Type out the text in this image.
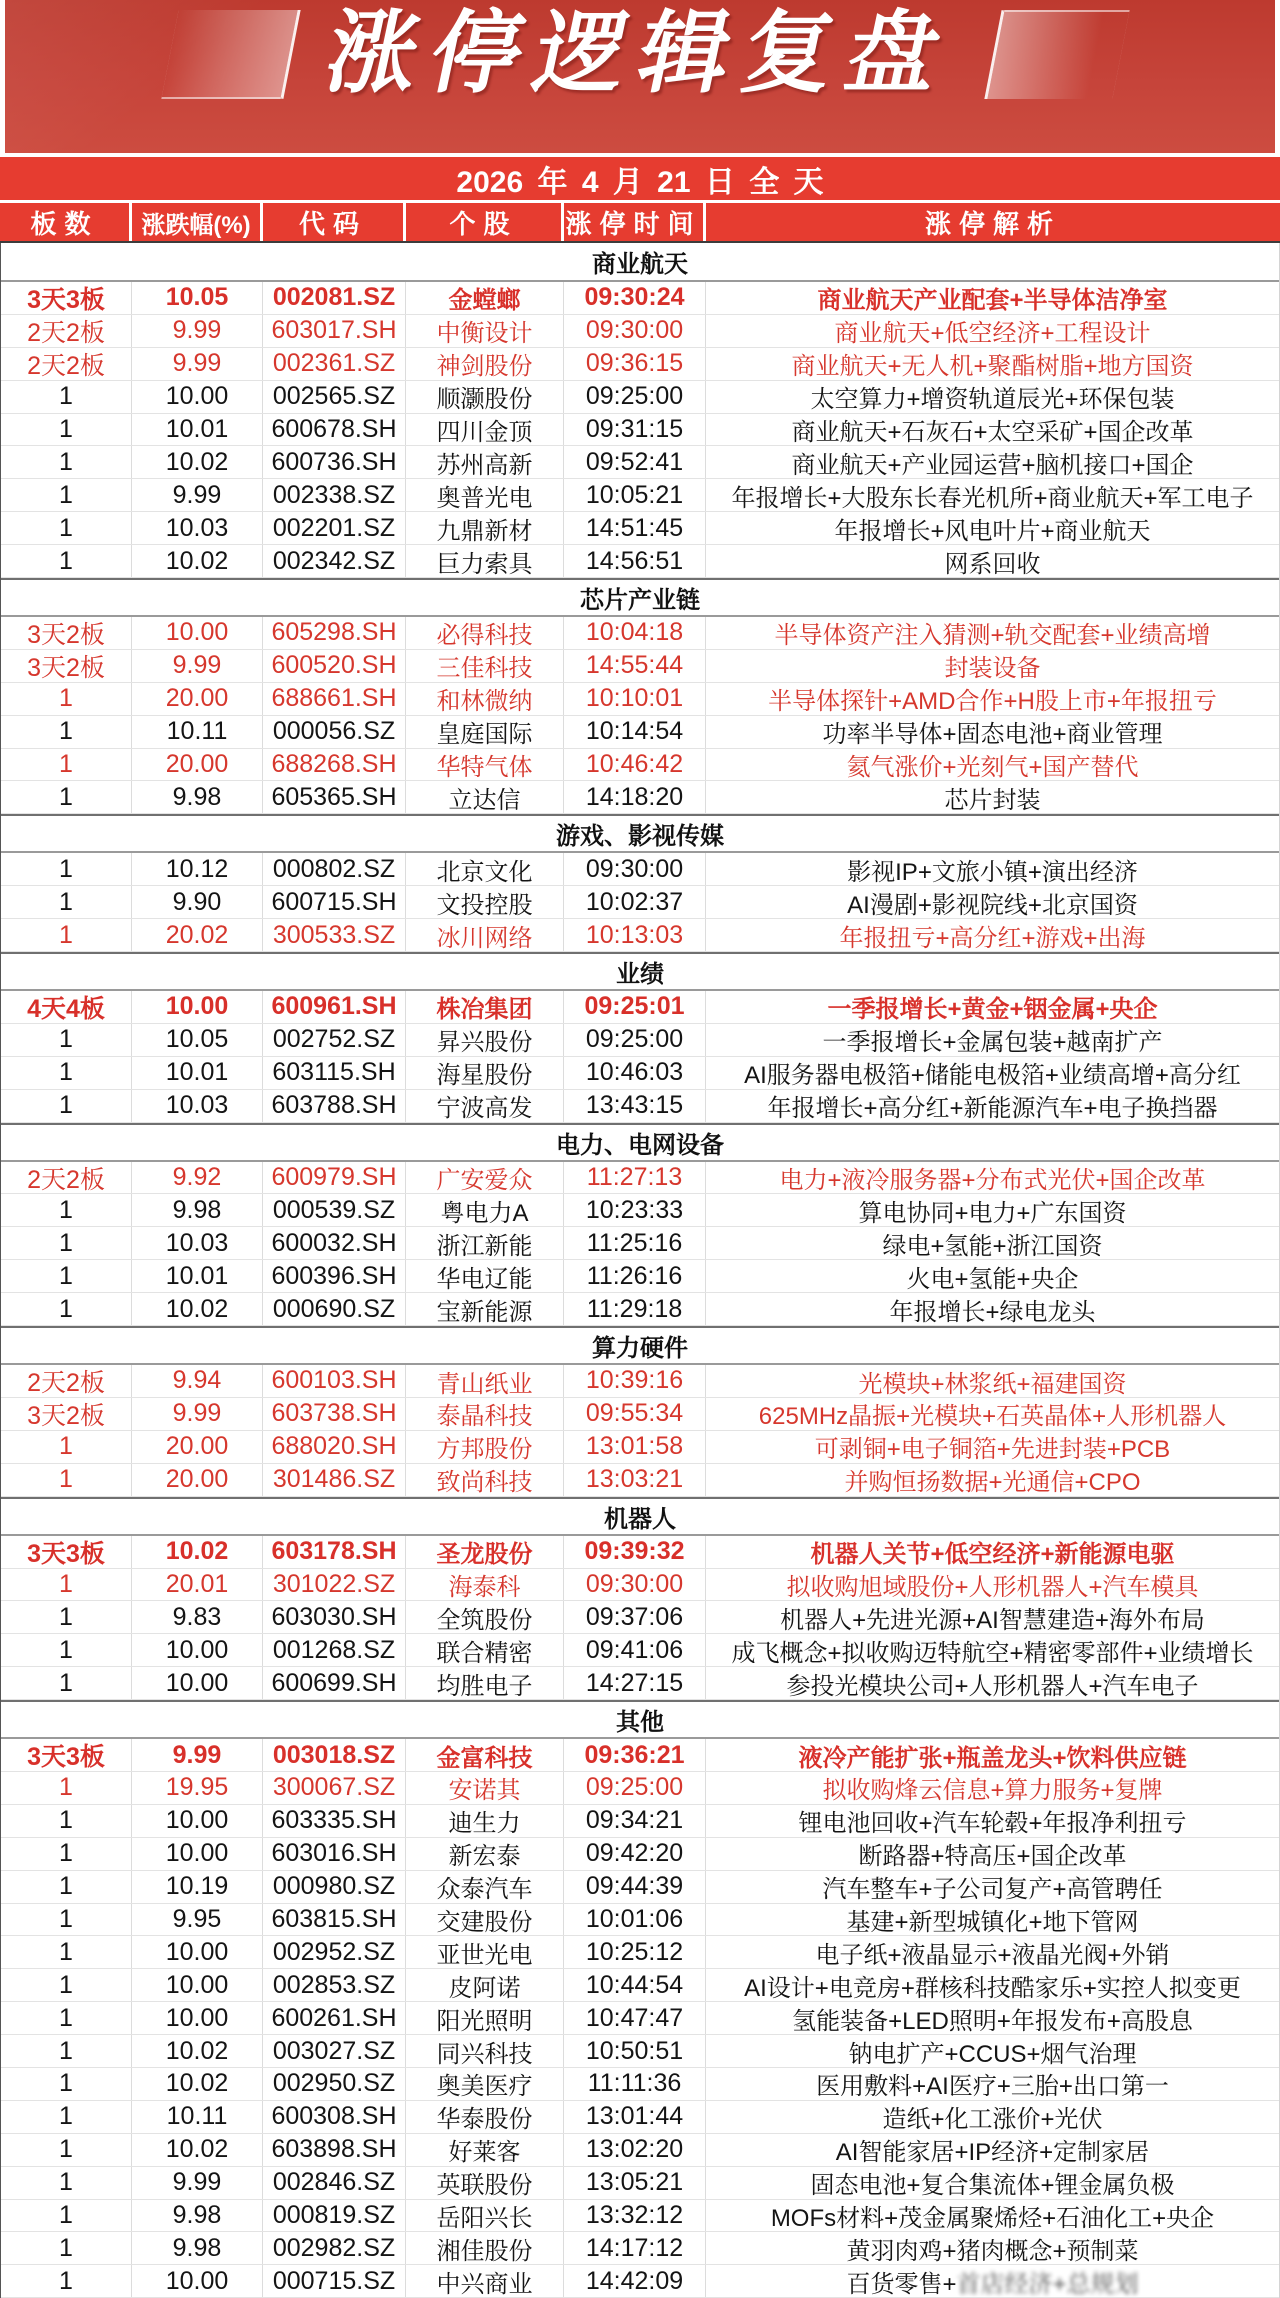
涨停逻辑复盘
2026 年 4 月 21 日 全 天
板数	涨跌幅(%)	代码	个股	涨停时间	涨停解析
商业航天
3天3板	10.05	002081.SZ	金螳螂	09:30:24	商业航天产业配套+半导体洁净室
2天2板	9.99	603017.SH	中衡设计	09:30:00	商业航天+低空经济+工程设计
2天2板	9.99	002361.SZ	神剑股份	09:36:15	商业航天+无人机+聚酯树脂+地方国资
1	10.00	002565.SZ	顺灏股份	09:25:00	太空算力+增资轨道辰光+环保包装
1	10.01	600678.SH	四川金顶	09:31:15	商业航天+石灰石+太空采矿+国企改革
1	10.02	600736.SH	苏州高新	09:52:41	商业航天+产业园运营+脑机接口+国企
1	9.99	002338.SZ	奥普光电	10:05:21	年报增长+大股东长春光机所+商业航天+军工电子
1	10.03	002201.SZ	九鼎新材	14:51:45	年报增长+风电叶片+商业航天
1	10.02	002342.SZ	巨力索具	14:56:51	网系回收
芯片产业链
3天2板	10.00	605298.SH	必得科技	10:04:18	半导体资产注入猜测+轨交配套+业绩高增
3天2板	9.99	600520.SH	三佳科技	14:55:44	封装设备
1	20.00	688661.SH	和林微纳	10:10:01	半导体探针+AMD合作+H股上市+年报扭亏
1	10.11	000056.SZ	皇庭国际	10:14:54	功率半导体+固态电池+商业管理
1	20.00	688268.SH	华特气体	10:46:42	氦气涨价+光刻气+国产替代
1	9.98	605365.SH	立达信	14:18:20	芯片封装
游戏、影视传媒
1	10.12	000802.SZ	北京文化	09:30:00	影视IP+文旅小镇+演出经济
1	9.90	600715.SH	文投控股	10:02:37	AI漫剧+影视院线+北京国资
1	20.02	300533.SZ	冰川网络	10:13:03	年报扭亏+高分红+游戏+出海
业绩
4天4板	10.00	600961.SH	株冶集团	09:25:01	一季报增长+黄金+铟金属+央企
1	10.05	002752.SZ	昇兴股份	09:25:00	一季报增长+金属包装+越南扩产
1	10.01	603115.SH	海星股份	10:46:03	AI服务器电极箔+储能电极箔+业绩高增+高分红
1	10.03	603788.SH	宁波高发	13:43:15	年报增长+高分红+新能源汽车+电子换挡器
电力、电网设备
2天2板	9.92	600979.SH	广安爱众	11:27:13	电力+液冷服务器+分布式光伏+国企改革
1	9.98	000539.SZ	粤电力A	10:23:33	算电协同+电力+广东国资
1	10.03	600032.SH	浙江新能	11:25:16	绿电+氢能+浙江国资
1	10.01	600396.SH	华电辽能	11:26:16	火电+氢能+央企
1	10.02	000690.SZ	宝新能源	11:29:18	年报增长+绿电龙头
算力硬件
2天2板	9.94	600103.SH	青山纸业	10:39:16	光模块+林浆纸+福建国资
3天2板	9.99	603738.SH	泰晶科技	09:55:34	625MHz晶振+光模块+石英晶体+人形机器人
1	20.00	688020.SH	方邦股份	13:01:58	可剥铜+电子铜箔+先进封装+PCB
1	20.00	301486.SZ	致尚科技	13:03:21	并购恒扬数据+光通信+CPO
机器人
3天3板	10.02	603178.SH	圣龙股份	09:39:32	机器人关节+低空经济+新能源电驱
1	20.01	301022.SZ	海泰科	09:30:00	拟收购旭域股份+人形机器人+汽车模具
1	9.83	603030.SH	全筑股份	09:37:06	机器人+先进光源+AI智慧建造+海外布局
1	10.00	001268.SZ	联合精密	09:41:06	成飞概念+拟收购迈特航空+精密零部件+业绩增长
1	10.00	600699.SH	均胜电子	14:27:15	参投光模块公司+人形机器人+汽车电子
其他
3天3板	9.99	003018.SZ	金富科技	09:36:21	液冷产能扩张+瓶盖龙头+饮料供应链
1	19.95	300067.SZ	安诺其	09:25:00	拟收购烽云信息+算力服务+复牌
1	10.00	603335.SH	迪生力	09:34:21	锂电池回收+汽车轮毂+年报净利扭亏
1	10.00	603016.SH	新宏泰	09:42:20	断路器+特高压+国企改革
1	10.19	000980.SZ	众泰汽车	09:44:39	汽车整车+子公司复产+高管聘任
1	9.95	603815.SH	交建股份	10:01:06	基建+新型城镇化+地下管网
1	10.00	002952.SZ	亚世光电	10:25:12	电子纸+液晶显示+液晶光阀+外销
1	10.00	002853.SZ	皮阿诺	10:44:54	AI设计+电竞房+群核科技酷家乐+实控人拟变更
1	10.00	600261.SH	阳光照明	10:47:47	氢能装备+LED照明+年报发布+高股息
1	10.02	003027.SZ	同兴科技	10:50:51	钠电扩产+CCUS+烟气治理
1	10.02	002950.SZ	奥美医疗	11:11:36	医用敷料+AI医疗+三胎+出口第一
1	10.11	600308.SH	华泰股份	13:01:44	造纸+化工涨价+光伏
1	10.02	603898.SH	好莱客	13:02:20	AI智能家居+IP经济+定制家居
1	9.99	002846.SZ	英联股份	13:05:21	固态电池+复合集流体+锂金属负极
1	9.98	000819.SZ	岳阳兴长	13:32:12	MOFs材料+茂金属聚烯烃+石油化工+央企
1	9.98	002982.SZ	湘佳股份	14:17:12	黄羽肉鸡+猪肉概念+预制菜
1	10.00	000715.SZ	中兴商业	14:42:09	百货零售+ 首店经济+总规划
